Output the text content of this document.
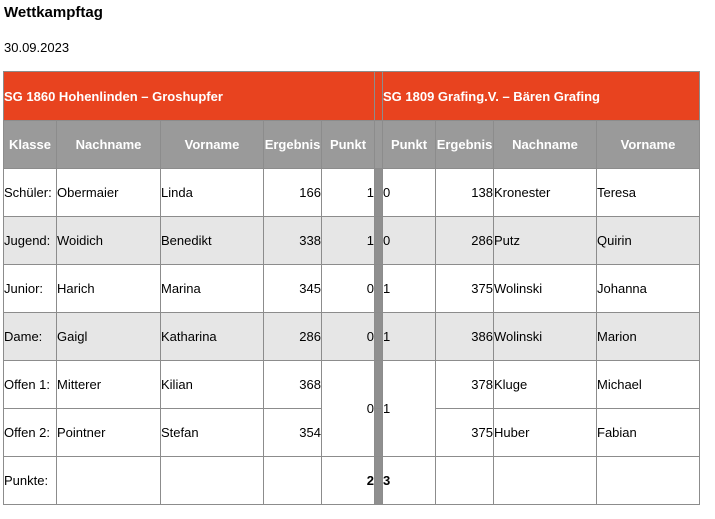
Wettkampftag
30.09.2023
SG 1860 Hohenlinden – Groshupfer						SG 1809 Grafing.V. – Bären Grafing			
Klasse	Nachname	Vorname	Ergebnis	Punkt		Punkt	Ergebnis	Nachname	Vorname
Schüler:	Obermaier	Linda	166	1		0	138	Kronester	Teresa
Jugend:	Woidich	Benedikt	338	1		0	286	Putz	Quirin
Junior:	Harich	Marina	345	0		1	375	Wolinski	Johanna
Dame:	Gaigl	Katharina	286	0		1	386	Wolinski	Marion
Offen 1:	Mitterer	Kilian	368	0		1	378	Kluge	Michael
Offen 2:	Pointner	Stefan	354				375	Huber	Fabian
Punkte:				2		3			
